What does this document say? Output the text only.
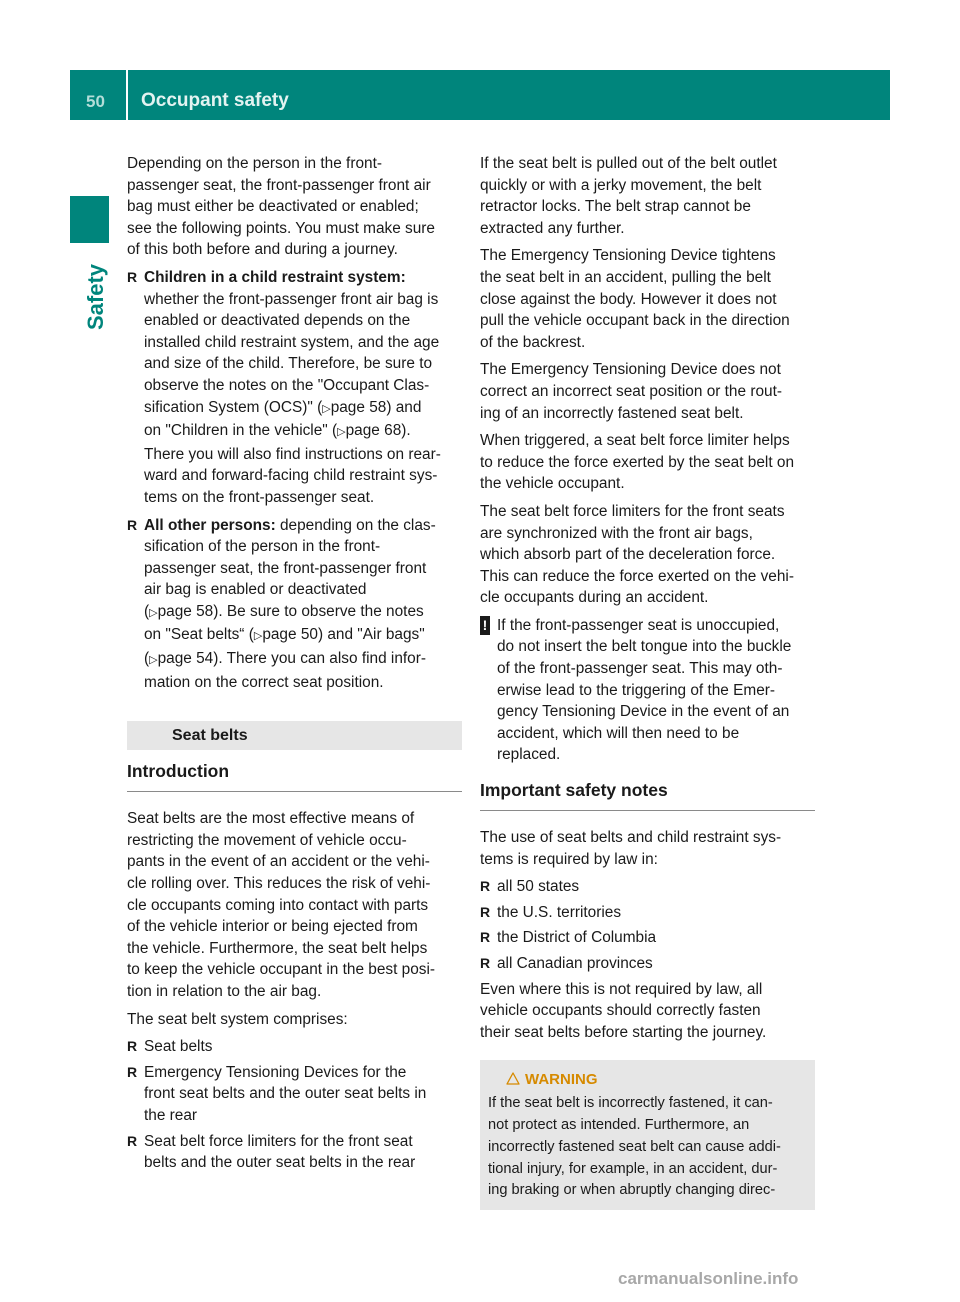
50 Occupant safety
Safety

Depending on the person in the front-
passenger seat, the front-passenger front air
bag must either be deactivated or enabled;
see the following points. You must make sure
of this both before and during a journey.

R Children in a child restraint system:
whether the front-passenger front air bag is
enabled or deactivated depends on the
installed child restraint system, and the age
and size of the child. Therefore, be sure to
observe the notes on the "Occupant Clas-
sification System (OCS)" (▷page 58) and
on "Children in the vehicle" (▷page 68).
There you will also find instructions on rear-
ward and forward-facing child restraint sys-
tems on the front-passenger seat.
R All other persons: depending on the clas-
sification of the person in the front-
passenger seat, the front-passenger front
air bag is enabled or deactivated
(▷page 58). Be sure to observe the notes
on "Seat belts“ (▷page 50) and "Air bags"
(▷page 54). There you can also find infor-
mation on the correct seat position.
Seat belts
Introduction

Seat belts are the most effective means of
restricting the movement of vehicle occu-
pants in the event of an accident or the vehi-
cle rolling over. This reduces the risk of vehi-
cle occupants coming into contact with parts
of the vehicle interior or being ejected from
the vehicle. Furthermore, the seat belt helps
to keep the vehicle occupant in the best posi-
tion in relation to the air bag.

The seat belt system comprises:

R Seat belts
R Emergency Tensioning Devices for the
front seat belts and the outer seat belts in
the rear
R Seat belt force limiters for the front seat
belts and the outer seat belts in the rear

If the seat belt is pulled out of the belt outlet
quickly or with a jerky movement, the belt
retractor locks. The belt strap cannot be
extracted any further.

The Emergency Tensioning Device tightens
the seat belt in an accident, pulling the belt
close against the body. However it does not
pull the vehicle occupant back in the direction
of the backrest.

The Emergency Tensioning Device does not
correct an incorrect seat position or the rout-
ing of an incorrectly fastened seat belt.

When triggered, a seat belt force limiter helps
to reduce the force exerted by the seat belt on
the vehicle occupant.

The seat belt force limiters for the front seats
are synchronized with the front air bags,
which absorb part of the deceleration force.
This can reduce the force exerted on the vehi-
cle occupants during an accident.

! If the front-passenger seat is unoccupied,
do not insert the belt tongue into the buckle
of the front-passenger seat. This may oth-
erwise lead to the triggering of the Emer-
gency Tensioning Device in the event of an
accident, which will then need to be
replaced.
Important safety notes

The use of seat belts and child restraint sys-
tems is required by law in:

R all 50 states
R the U.S. territories
R the District of Columbia
R all Canadian provinces

Even where this is not required by law, all
vehicle occupants should correctly fasten
their seat belts before starting the journey.

WARNING
If the seat belt is incorrectly fastened, it can-
not protect as intended. Furthermore, an
incorrectly fastened seat belt can cause addi-
tional injury, for example, in an accident, dur-
ing braking or when abruptly changing direc-
carmanualsonline.info
